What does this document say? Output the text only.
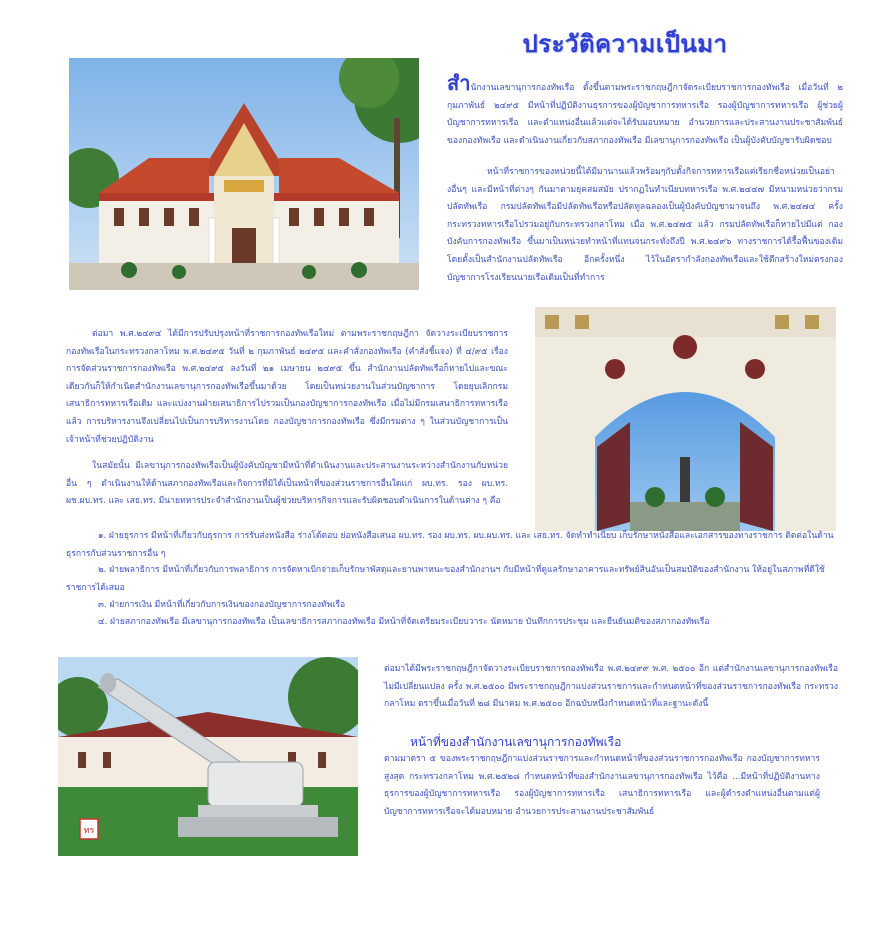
ประวัติความเป็นมา

สำนักงานเลขานุการกองทัพเรือ ตั้งขึ้นตามพระราชกฤษฎีกาจัดระเบียบราชการกองทัพเรือ เมื่อวันที่ ๒ กุมภาพันธ์ ๒๔๙๕ มีหน้าที่ปฏิบัติงานธุรการของผู้บัญชาการทหารเรือ รองผู้บัญชาการทหารเรือ ผู้ช่วยผู้บัญชาการทหารเรือ และตำแหน่งอื่นแล้วแต่จะได้รับมอบหมาย อำนวยการและประสานงานประชาสัมพันธ์ของกองทัพเรือ และดำเนินงานเกี่ยวกับสภากองทัพเรือ มีเลขานุการกองทัพเรือ เป็นผู้บังคับบัญชารับผิดชอบ

หน้าที่ราชการของหน่วยนี้ได้มีมานานแล้วพร้อมๆกับตั้งกิจการทหารเรือแต่เรียกชื่อหน่วยเป็นอย่างอื่นๆ และมีหน้าที่ต่างๆ กันมาตามยุคสมสมัย ปรากฏในทำเนียบทหารเรือ พ.ศ.๒๔๔๗ มีหนามหน่วยว่ากรมปลัดทัพเรือ กรมปลัดทัพเรือมีปลัดทัพเรือหรือปลัดทูลฉลองเป็นผู้บังคับบัญชามาจนถึง พ.ศ.๒๔๗๔ ครั้งกระทรวงทหารเรือไปรวมอยู่กับกระทรวงกลาโหม เมื่อ พ.ศ.๒๔๗๕ แล้ว กรมปลัดทัพเรือก็หายไปมีแต่ กองบังคับการกองทัพเรือ ขึ้นมาเป็นหน่วยทำหน้าที่แทนจนกระทั่งถึงปี พ.ศ.๒๔๙๖ ทางราชการได้รื้อฟื้นของเดิมโดยตั้งเป็นสำนักงานปลัดทัพเรือ อีกครั้งหนึ่ง ไว้ในอัตรากำลังกองทัพเรือและใช้ตึกสร้างใหม่ตรงกองบัญชาการโรงเรียนนายเรือเดิมเป็นที่ทำการ

ต่อมา พ.ศ.๒๔๙๔ ได้มีการปรับปรุงหน้าที่ราชการกองทัพเรือใหม่ ตามพระราชกฤษฎีกา จัดวางระเบียบราชการกองทัพเรือในกระทรวงกลาโหม พ.ศ.๒๔๙๕ วันที่ ๒ กุมภาพันธ์ ๒๔๙๕ และคำสั่งกองทัพเรือ (คำสั่งชี้แจง) ที่ ๔/๙๕ เรื่อง การจัดส่วนราชการกองทัพเรือ พ.ศ.๒๔๙๕ ลงวันที่ ๒๑ เมษายน ๒๔๙๕ ขึ้น สำนักงานปลัดทัพเรือก็หายไปและขณะเดียวกันก็ให้กำเนิดสำนักงานเลขานุการกองทัพเรือขึ้นมาด้วย โดยเป็นหน่วยงานในส่วนบัญชาการ โดยยุบเลิกกรมเสนาธิการทหารเรือเดิม และแบ่งงานฝ่ายเสนาธิการไปรวมเป็นกองบัญชาการกองทัพเรือ เมื่อไม่มีกรมเสนาธิการทหารเรือแล้ว การบริหารงานจึงเปลี่ยนไปเป็นการบริหารงานโดย กองบัญชาการกองทัพเรือ ซึ่งมีกรมต่าง ๆ ในส่วนบัญชาการเป็นเจ้าหน้าที่ช่วยปฏิบัติงาน

ในสมัยนั้น มีเลขานุการกองทัพเรือเป็นผู้บังคับบัญชามีหน้าที่ดำเนินงานและประสานงานระหว่างสำนักงานกับหน่วยอื่น ๆ ดำเนินงานให้ด้านสภากองทัพเรือและกิจการที่มิได้เป็นหน้าที่ของส่วนราชการอื่นใดแก่ ผบ.ทร. รอง ผบ.ทร. ผช.ผบ.ทร. และ เสธ.ทร. มีนายทหารประจำสำนักงานเป็นผู้ช่วยบริหารกิจการและรับผิดชอบดำเนินการในด้านต่าง ๆ คือ

๑. ฝ่ายธุรการ มีหน้าที่เกี่ยวกับธุรการ การรับส่งหนังสือ ร่างโต้ตอบ ย่อหนังสือเสนอ ผบ.ทร. รอง ผบ.ทร. ผบ.ผบ.ทร. และ เสธ.ทร. จัดทำทำเนียบ เก็บรักษาหนังสือและเอกสารของทางราชการ ติดต่อในด้านธุรการกับส่วนราชการอื่น ๆ
๒. ฝ่ายพลาธิการ มีหน้าที่เกี่ยวกับการพลาธิการ การจัดหาเบิกจ่ายเก็บรักษาพัสดุและยานพาหนะของสำนักงานฯ กับมีหน้าที่ดูแลรักษาอาคารและทรัพย์สินอันเป็นสมบัติของสำนักงาน ให้อยู่ในสภาพที่ดีใช้ราชการได้เสมอ
๓. ฝ่ายการเงิน มีหน้าที่เกี่ยวกับการเงินของกองบัญชาการกองทัพเรือ
๔. ฝ่ายสภากองทัพเรือ มีเลขานุการกองทัพเรือ เป็นเลขาธิการสภากองทัพเรือ มีหน้าที่จัดเตรียมระเบียบวาระ นัดหมาย บันทึกการประชุม และยืนยันมติของสภากองทัพเรือ
ทร

ต่อมาได้มีพระราชกฤษฎีกาจัดวางระเบียบราชการกองทัพเรือ พ.ศ.๒๔๙๙ พ.ศ. ๒๕๐๐ อีก แต่สำนักงานเลขานุการกองทัพเรือ ไม่มีเปลี่ยนแปลง ครั้ง พ.ศ.๒๕๐๐ มีพระราชกฤษฎีกาแบ่งส่วนราชการและกำหนดหน้าที่ของส่วนราชการกองทัพเรือ กระทรวงกลาโหม ตราขึ้นเมื่อวันที่ ๒๘ มีนาคม พ.ศ.๒๕๐๐ อีกฉบับหนึ่งกำหนดหน้าที่และฐานะดังนี้

หน้าที่ของสำนักงานเลขานุการกองทัพเรือ

ตามมาตรา ๕ ของพระราชกฤษฎีกาแบ่งส่วนราชการและกำหนดหน้าที่ของส่วนราชการกองทัพเรือ กองบัญชาการทหารสูงสุด กระทรวงกลาโหม พ.ศ.๒๕๒๘ กำหนดหน้าที่ของสำนักงานเลขานุการกองทัพเรือ ไว้คือ ...มีหน้าที่ปฏิบัติงานทางธุรการของผู้บัญชาการทหารเรือ รองผู้บัญชาการทหารเรือ เสนาธิการทหารเรือ และผู้ดำรงตำแหน่งอื่นตามแต่ผู้บัญชาการทหารเรือจะได้มอบหมาย อำนวยการประสานงานประชาสัมพันธ์
